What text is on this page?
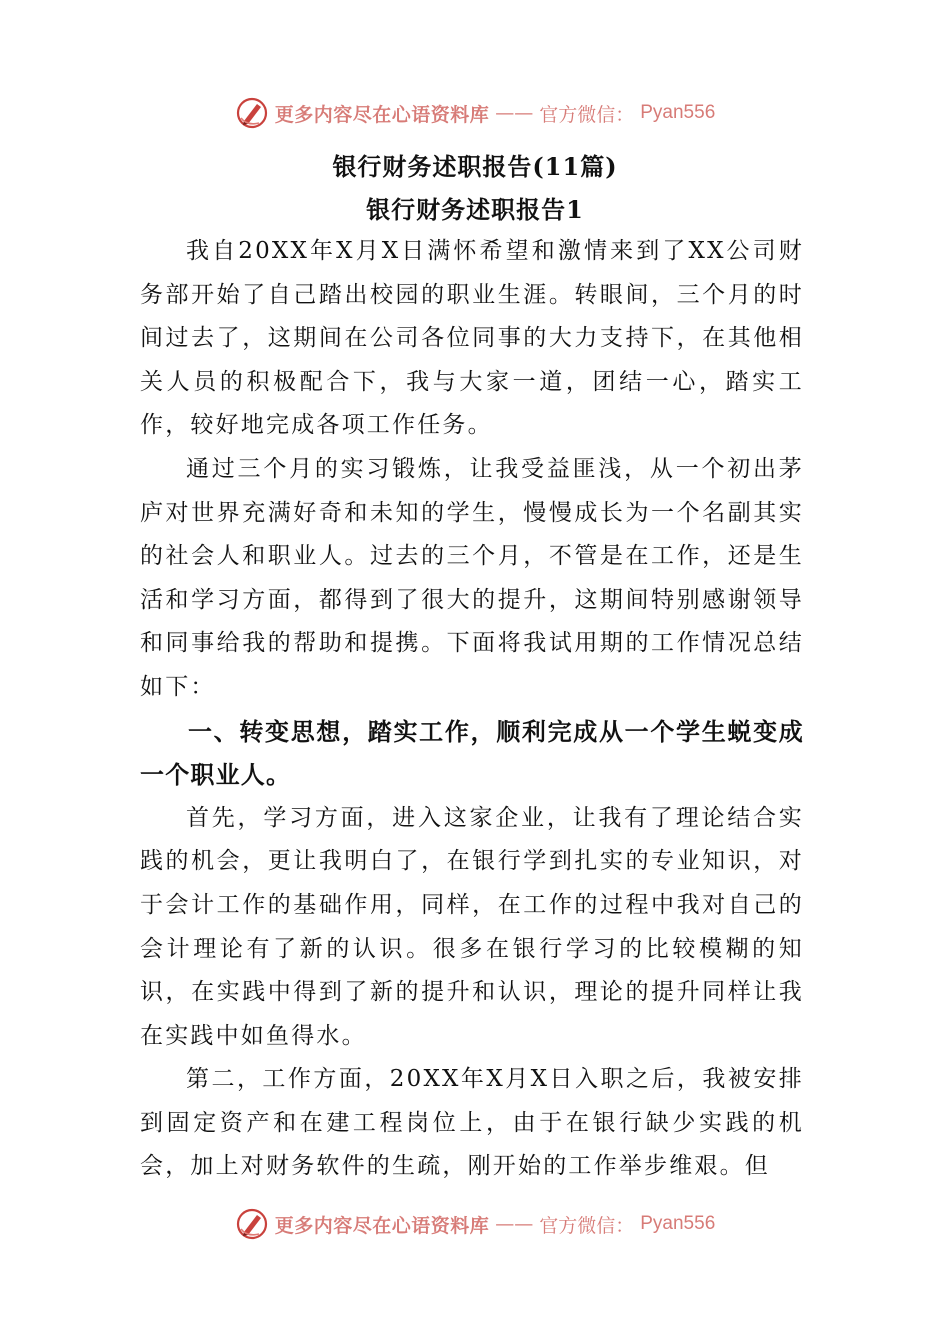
更多内容尽在心语资料库 —— 官方微信： Pyan556
银行财务述职报告(11篇)
银行财务述职报告1

我自20XX年X月X日满怀希望和激情来到了XX公司财务部开始了自己踏出校园的职业生涯。转眼间，三个月的时间过去了，这期间在公司各位同事的大力支持下，在其他相关人员的积极配合下，我与大家一道，团结一心，踏实工作，较好地完成各项工作任务。

通过三个月的实习锻炼，让我受益匪浅，从一个初出茅庐对世界充满好奇和未知的学生，慢慢成长为一个名副其实的社会人和职业人。过去的三个月，不管是在工作，还是生活和学习方面，都得到了很大的提升，这期间特别感谢领导和同事给我的帮助和提携。下面将我试用期的工作情况总结如下：

一、转变思想，踏实工作，顺利完成从一个学生蜕变成一个职业人。

首先，学习方面，进入这家企业，让我有了理论结合实践的机会，更让我明白了，在银行学到扎实的专业知识，对于会计工作的基础作用，同样，在工作的过程中我对自己的会计理论有了新的认识。很多在银行学习的比较模糊的知识，在实践中得到了新的提升和认识，理论的提升同样让我在实践中如鱼得水。

第二，工作方面，20XX年X月X日入职之后，我被安排到固定资产和在建工程岗位上，由于在银行缺少实践的机会，加上对财务软件的生疏，刚开始的工作举步维艰。但

更多内容尽在心语资料库 —— 官方微信： Pyan556
